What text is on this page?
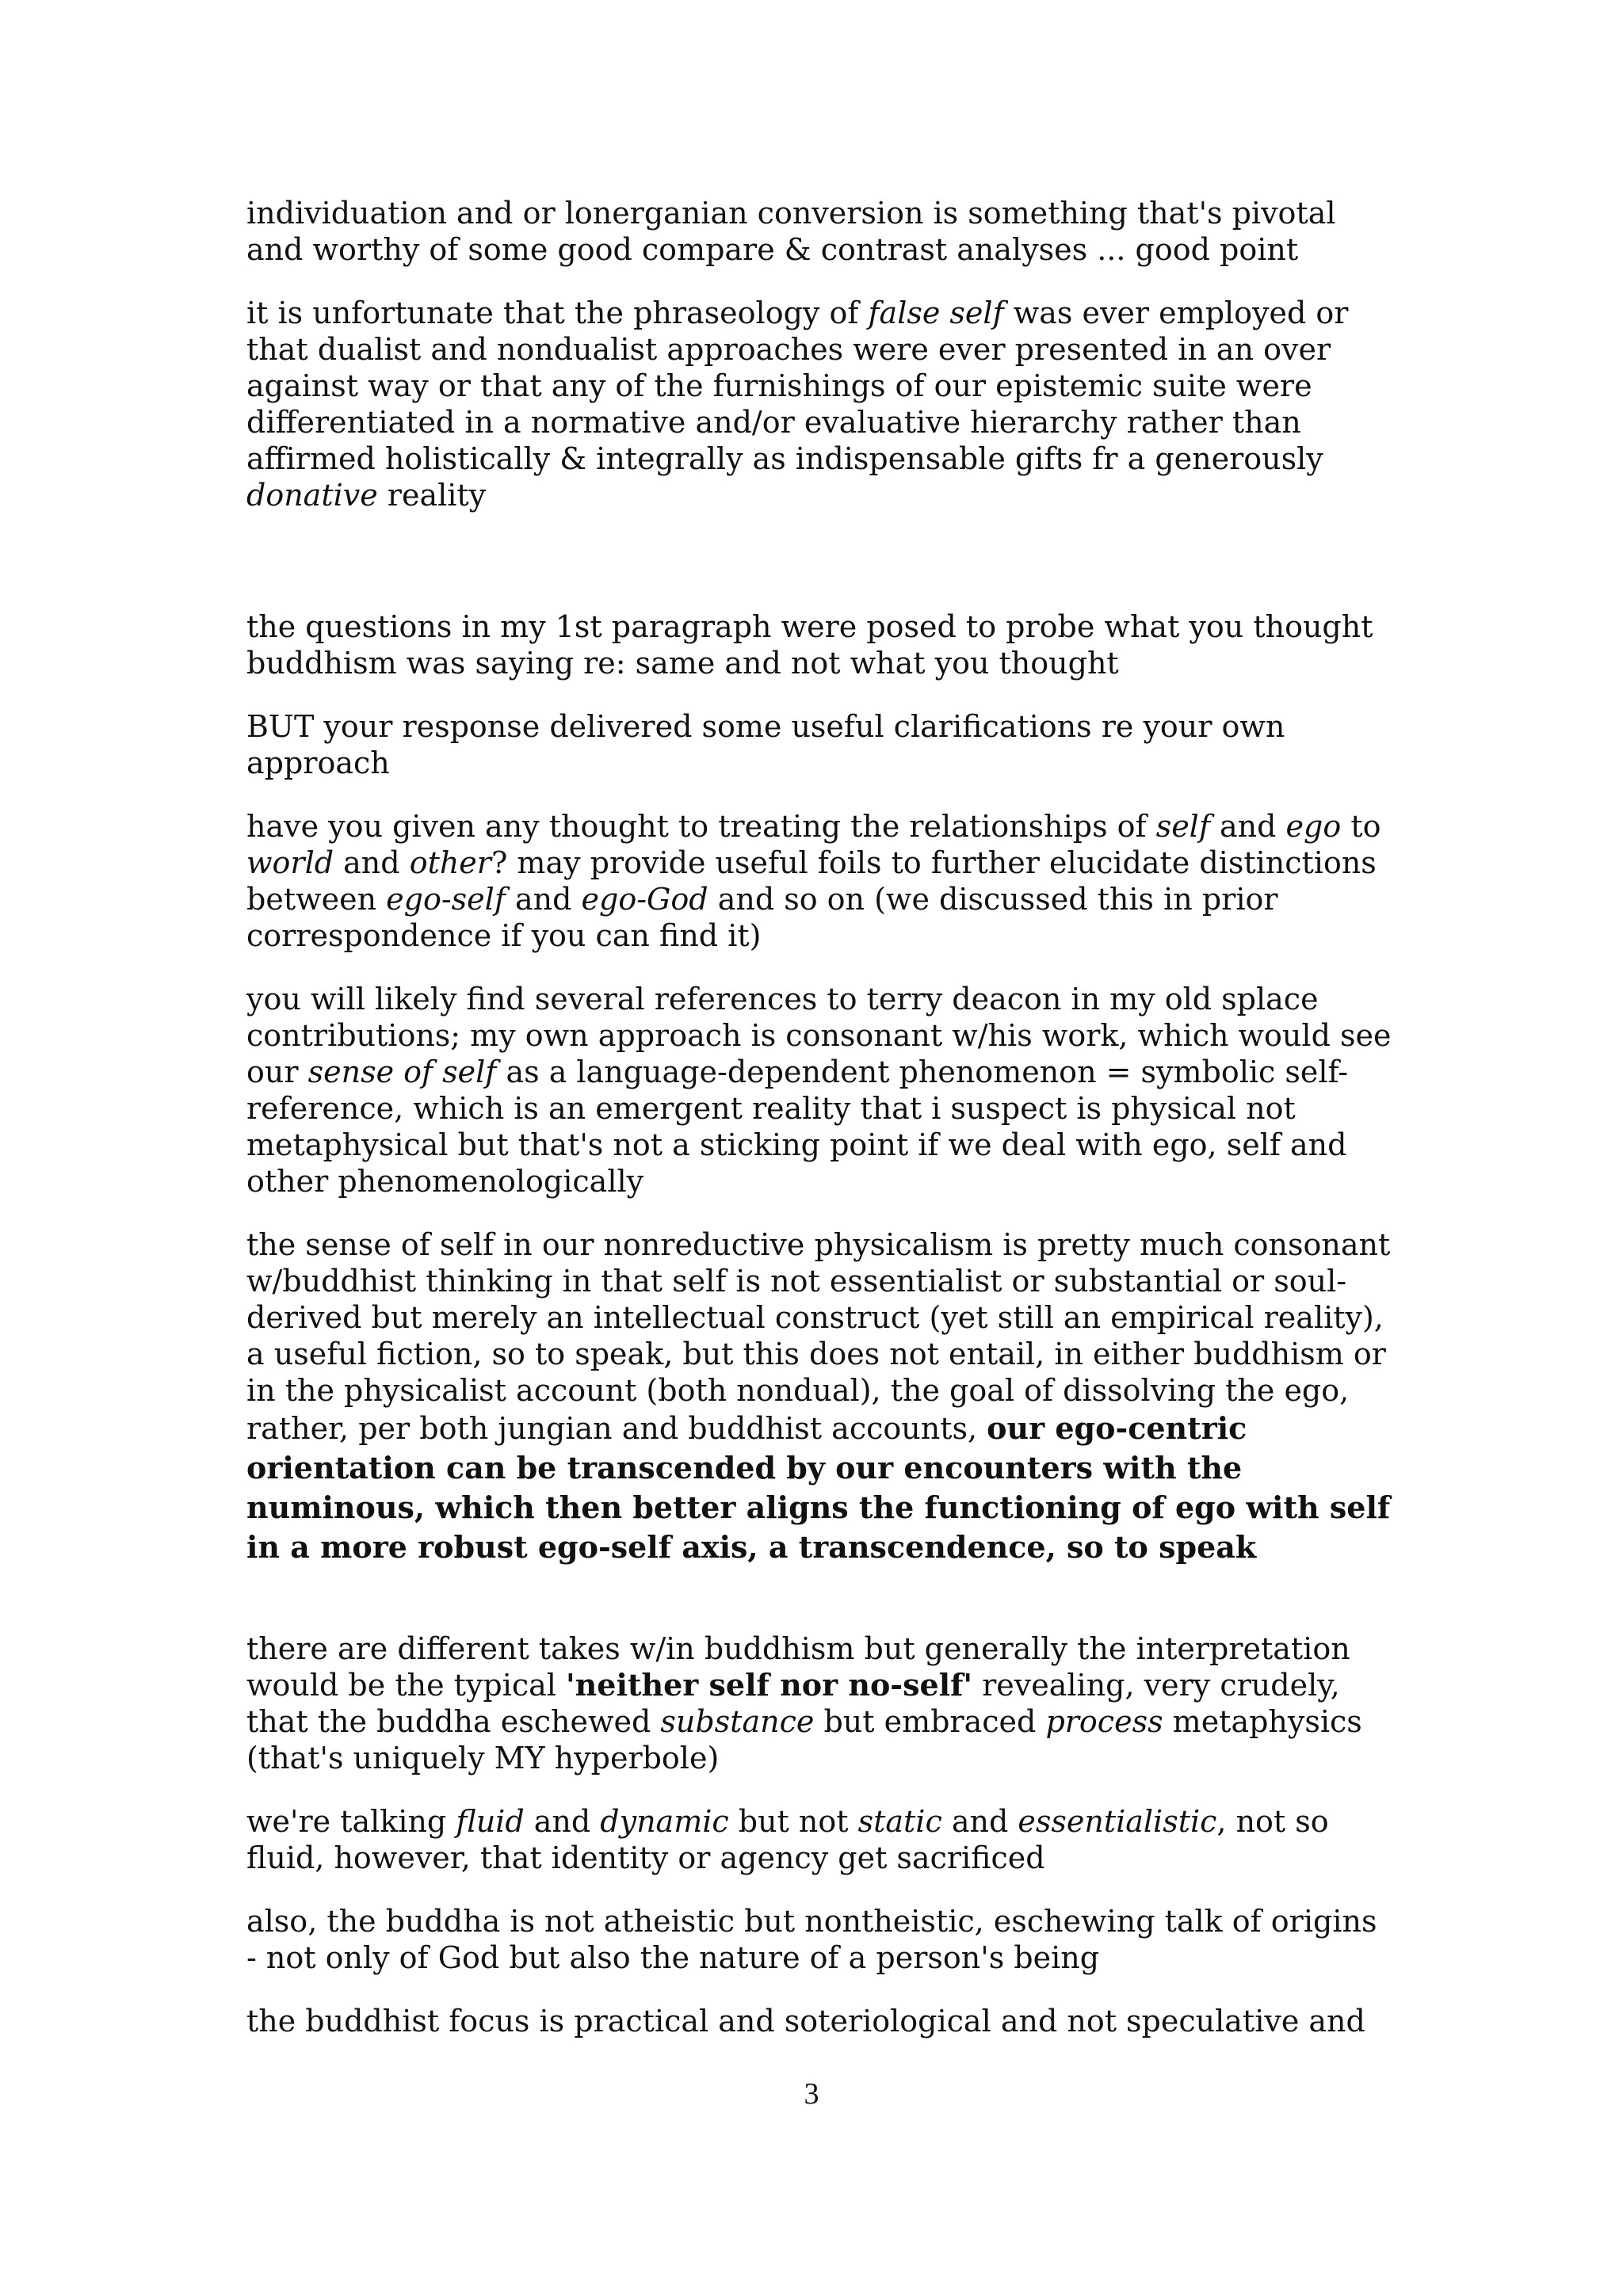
individuation and or lonerganian conversion is something that's pivotal and worthy of some good compare & contrast analyses ... good point

it is unfortunate that the phraseology of false self was ever employed or that dualist and nondualist approaches were ever presented in an over against way or that any of the furnishings of our epistemic suite were differentiated in a normative and/or evaluative hierarchy rather than affirmed holistically & integrally as indispensable gifts fr a generously donative reality

the questions in my 1st paragraph were posed to probe what you thought buddhism was saying re: same and not what you thought

BUT your response delivered some useful clarifications re your own approach

have you given any thought to treating the relationships of self and ego to world and other? may provide useful foils to further elucidate distinctions between ego-self and ego-God and so on (we discussed this in prior correspondence if you can find it)

you will likely find several references to terry deacon in my old splace contributions; my own approach is consonant w/his work, which would see our sense of self as a language-dependent phenomenon = symbolic self-reference, which is an emergent reality that i suspect is physical not metaphysical but that's not a sticking point if we deal with ego, self and other phenomenologically

the sense of self in our nonreductive physicalism is pretty much consonant w/buddhist thinking in that self is not essentialist or substantial or soul-derived but merely an intellectual construct (yet still an empirical reality), a useful fiction, so to speak, but this does not entail, in either buddhism or in the physicalist account (both nondual), the goal of dissolving the ego, rather, per both jungian and buddhist accounts, our ego-centric orientation can be transcended by our encounters with the numinous, which then better aligns the functioning of ego with self in a more robust ego-self axis, a transcendence, so to speak

there are different takes w/in buddhism but generally the interpretation would be the typical 'neither self nor no-self' revealing, very crudely, that the buddha eschewed substance but embraced process metaphysics (that's uniquely MY hyperbole)

we're talking fluid and dynamic but not static and essentialistic, not so fluid, however, that identity or agency get sacrificed

also, the buddha is not atheistic but nontheistic, eschewing talk of origins - not only of God but also the nature of a person's being

the buddhist focus is practical and soteriological and not speculative and

3
